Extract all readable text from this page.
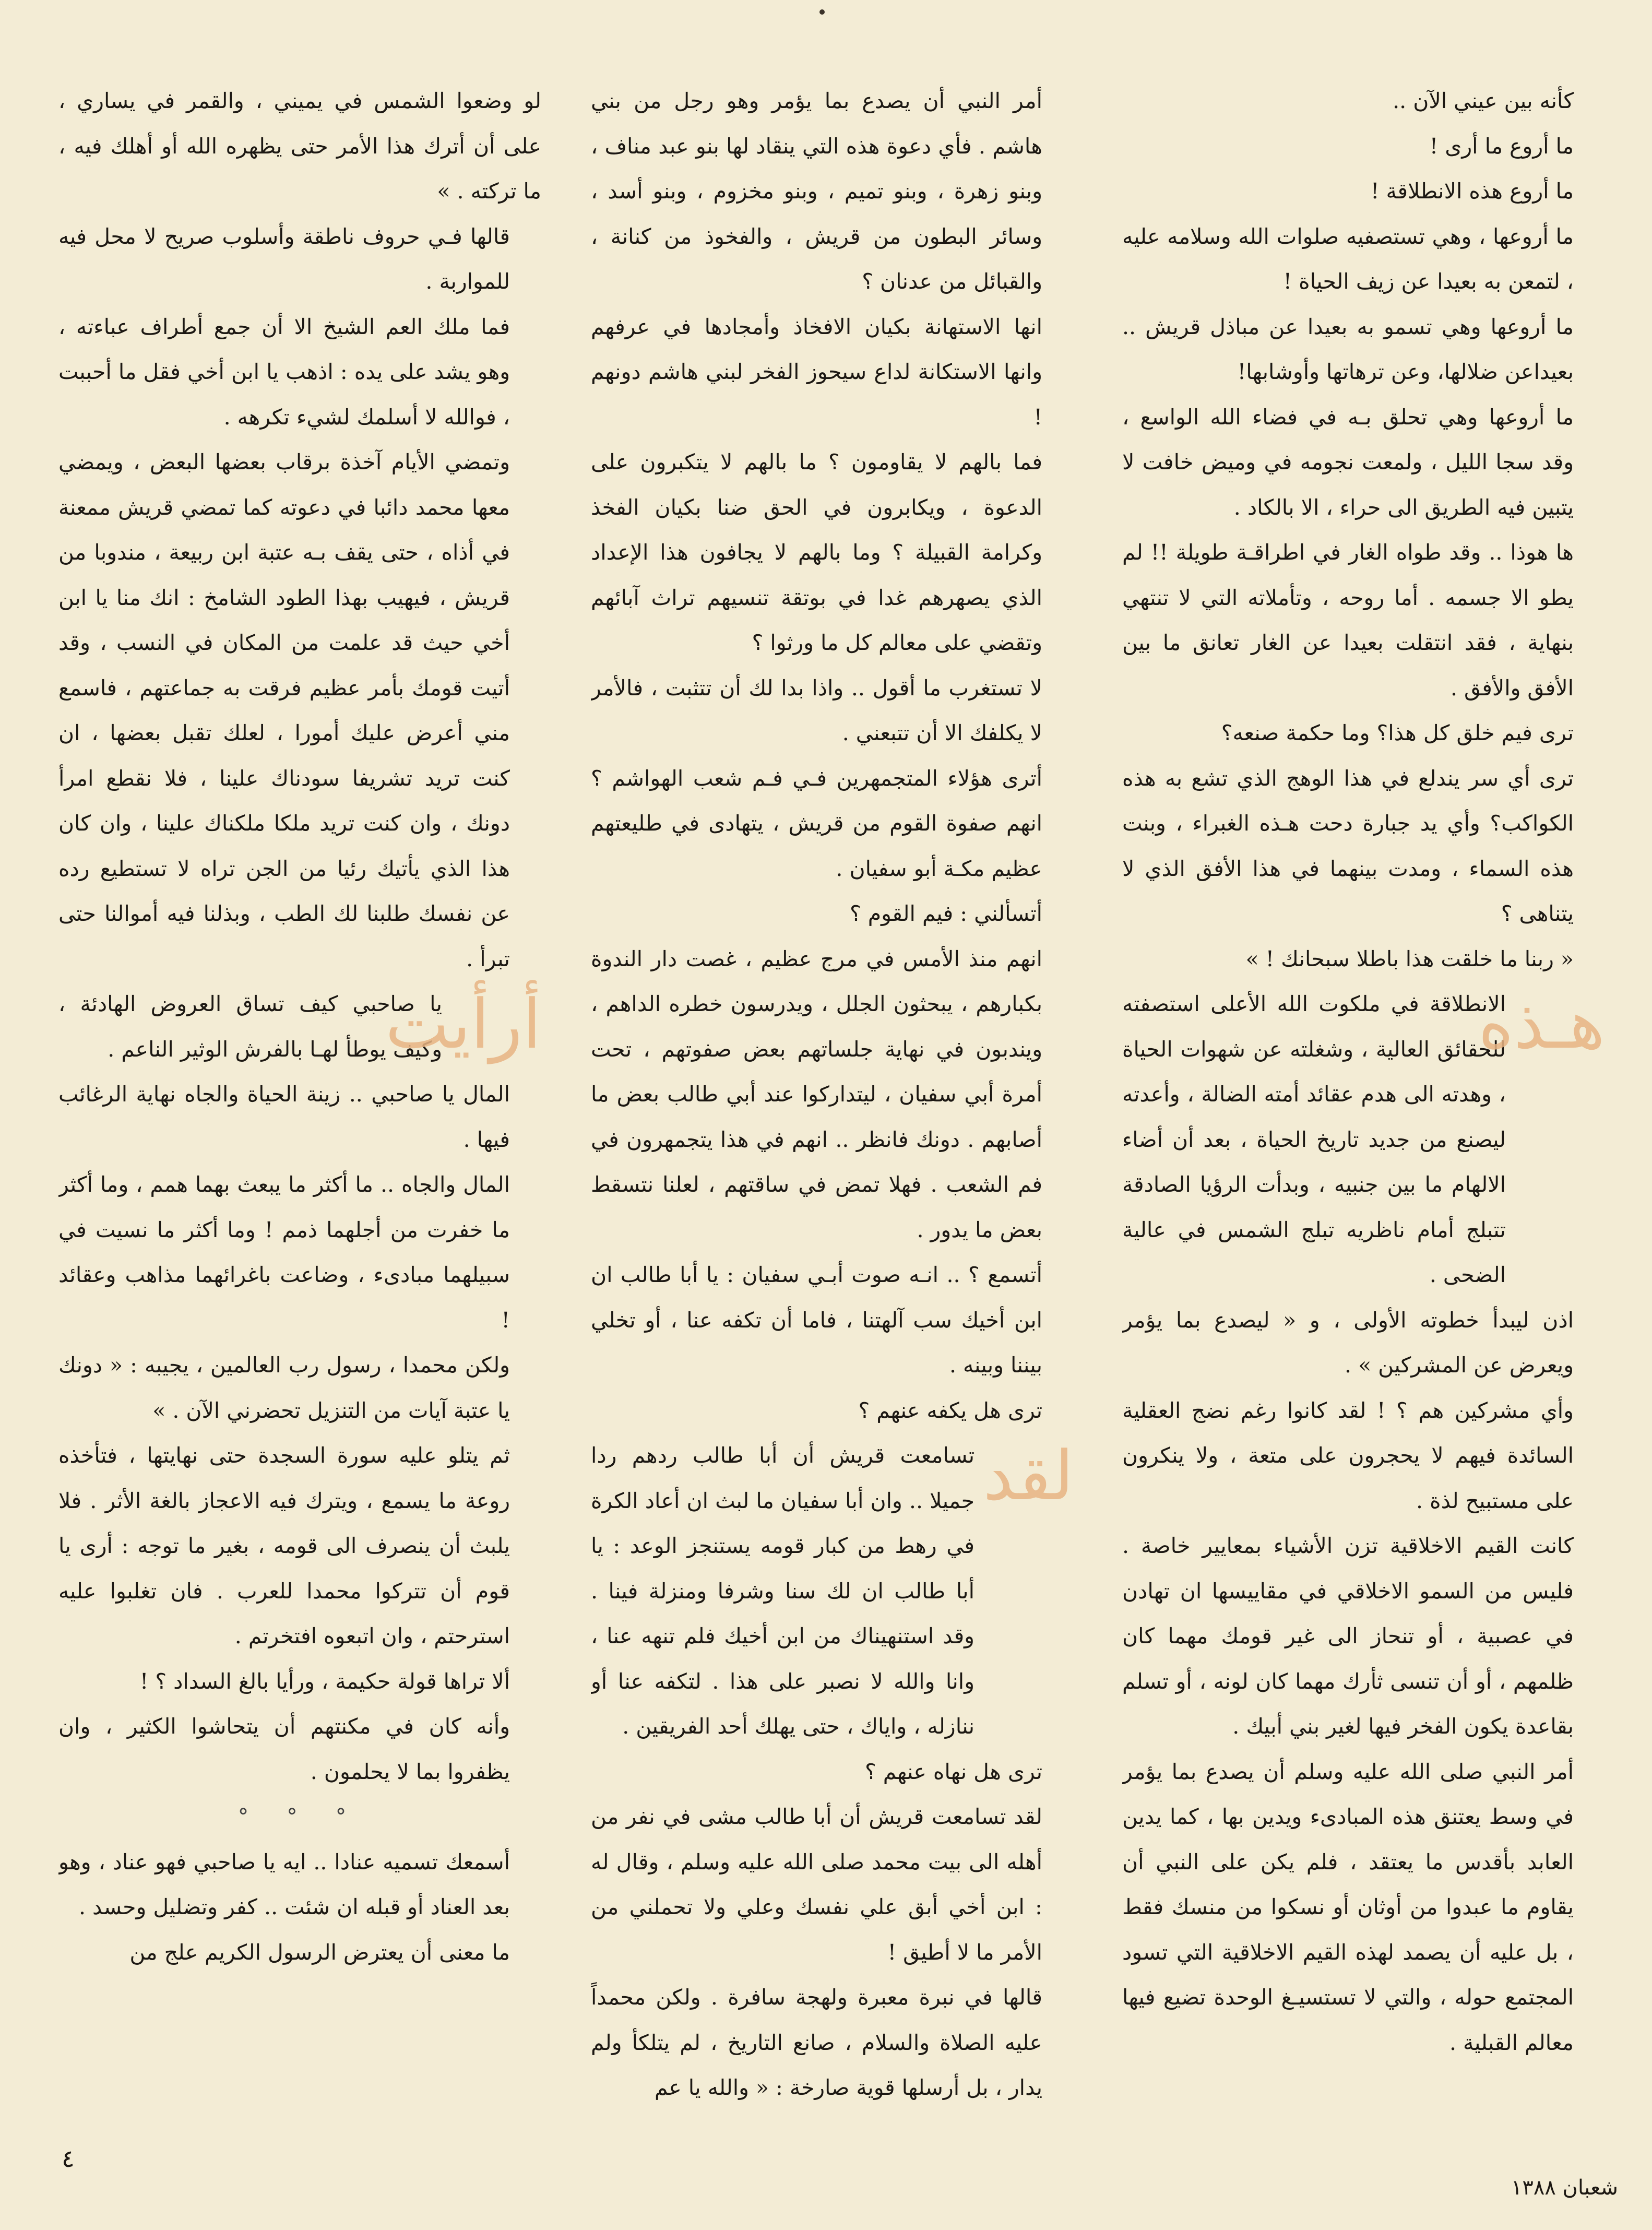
كأنه بين عيني الآن ..

ما أروع ما أرى !

ما أروع هذه الانطلاقة !

ما أروعها ، وهي تستصفيه صلوات الله وسلامه عليه ، لتمعن به بعيدا عن زيف الحياة !

ما أروعها وهي تسمو به بعيدا عن مباذل قريش .. بعيداعن ضلالها، وعن ترهاتها وأوشابها!

ما أروعها وهي تحلق بـه في فضاء الله الواسع ، وقد سجا الليل ، ولمعت نجومه في وميض خافت لا يتبين فيه الطريق الى حراء ، الا بالكاد .

ها هوذا .. وقد طواه الغار في اطراقـة طويلة !! لم يطو الا جسمه . أما روحه ، وتأملاته التي لا تنتهي بنهاية ، فقد انتقلت بعيدا عن الغار تعانق ما بين الأفق والأفق .

ترى فيم خلق كل هذا؟ وما حكمة صنعه؟

ترى أي سر يندلع في هذا الوهج الذي تشع به هذه الكواكب؟ وأي يد جبارة دحت هـذه الغبراء ، وبنت هذه السماء ، ومدت بينهما في هذا الأفق الذي لا يتناهى ؟

« ربنا ما خلقت هذا باطلا سبحانك ! »

هـذه

الانطلاقة في ملكوت الله الأعلى استصفته للحقائق العالية ، وشغلته عن شهوات الحياة ، وهدته الى هدم عقائد أمته الضالة ، وأعدته ليصنع من جديد تاريخ الحياة ، بعد أن أضاء الالهام ما بين جنبيه ، وبدأت الرؤيا الصادقة تتبلج أمام ناظريه تبلج الشمس في عالية الضحى .

اذن ليبدأ خطوته الأولى ، و « ليصدع بما يؤمر ويعرض عن المشركين » .

وأي مشركين هم ؟ ! لقد كانوا رغم نضج العقلية السائدة فيهم لا يحجرون على متعة ، ولا ينكرون على مستبيح لذة .

كانت القيم الاخلاقية تزن الأشياء بمعايير خاصة . فليس من السمو الاخلاقي في مقاييسها ان تهادن في عصبية ، أو تنحاز الى غير قومك مهما كان ظلمهم ، أو أن تنسى ثأرك مهما كان لونه ، أو تسلم بقاعدة يكون الفخر فيها لغير بني أبيك .

أمر النبي صلى الله عليه وسلم أن يصدع بما يؤمر في وسط يعتنق هذه المبادىء ويدين بها ، كما يدين العابد بأقدس ما يعتقد ، فلم يكن على النبي أن يقاوم ما عبدوا من أوثان أو نسكوا من منسك فقط ، بل عليه أن يصمد لهذه القيم الاخلاقية التي تسود المجتمع حوله ، والتي لا تستسيـغ الوحدة تضيع فيها معالم القبلية .

أمر النبي أن يصدع بما يؤمر وهو رجل من بني هاشم . فأي دعوة هذه التي ينقاد لها بنو عبد مناف ، وبنو زهرة ، وبنو تميم ، وبنو مخزوم ، وبنو أسد ، وسائر البطون من قريش ، والفخوذ من كنانة ، والقبائل من عدنان ؟

انها الاستهانة بكيان الافخاذ وأمجادها في عرفهم وانها الاستكانة لداع سيحوز الفخر لبني هاشم دونهم !

فما بالهم لا يقاومون ؟ ما بالهم لا يتكبرون على الدعوة ، ويكابرون في الحق ضنا بكيان الفخذ وكرامة القبيلة ؟ وما بالهم لا يجافون هذا الإعداد الذي يصهرهم غدا في بوتقة تنسيهم تراث آبائهم وتقضي على معالم كل ما ورثوا ؟

لا تستغرب ما أقول .. واذا بدا لك أن تتثبت ، فالأمر لا يكلفك الا أن تتبعني .

أترى هؤلاء المتجمهرين فـي فـم شعب الهواشم ؟ انهم صفوة القوم من قريش ، يتهادى في طليعتهم عظيم مكـة أبو سفيان .

أتسألني : فيم القوم ؟

انهم منذ الأمس في مرج عظيم ، غصت دار الندوة بكبارهم ، يبحثون الجلل ، ويدرسون خطره الداهم ، ويندبون في نهاية جلساتهم بعض صفوتهم ، تحت أمرة أبي سفيان ، ليتداركوا عند أبي طالب بعض ما أصابهم . دونك فانظر .. انهم في هذا يتجمهرون في فم الشعب . فهلا تمض في ساقتهم ، لعلنا نتسقط بعض ما يدور .

أتسمع ؟ .. انـه صوت أبـي سفيان : يا أبا طالب ان ابن أخيك سب آلهتنا ، فاما أن تكفه عنا ، أو تخلي بيننا وبينه .

ترى هل يكفه عنهم ؟

لقد

تسامعت قريش أن أبا طالب ردهم ردا جميلا .. وان أبا سفيان ما لبث ان أعاد الكرة في رهط من كبار قومه يستنجز الوعد : يا أبا طالب ان لك سنا وشرفا ومنزلة فينا . وقد استنهيناك من ابن أخيك فلم تنهه عنا ، وانا والله لا نصبر على هذا . لتكفه عنا أو ننازله ، واياك ، حتى يهلك أحد الفريقين .

ترى هل نهاه عنهم ؟

لقد تسامعت قريش أن أبا طالب مشى في نفر من أهله الى بيت محمد صلى الله عليه وسلم ، وقال له : ابن أخي أبق علي نفسك وعلي ولا تحملني من الأمر ما لا أطيق !

قالها في نبرة معبرة ولهجة سافرة . ولكن محمداً عليه الصلاة والسلام ، صانع التاريخ ، لم يتلكأ ولم يدار ، بل أرسلها قوية صارخة : « والله يا عم

لو وضعوا الشمس في يميني ، والقمر في يساري ، على أن أترك هذا الأمر حتى يظهره الله أو أهلك فيه ، ما تركته . »

قالها فـي حروف ناطقة وأسلوب صريح لا محل فيه للمواربة .

فما ملك العم الشيخ الا أن جمع أطراف عباءته ، وهو يشد على يده : اذهب يا ابن أخي فقل ما أحببت ، فوالله لا أسلمك لشيء تكرهه .

وتمضي الأيام آخذة برقاب بعضها البعض ، ويمضي معها محمد دائبا في دعوته كما تمضي قريش ممعنة في أذاه ، حتى يقف بـه عتبة ابن ربيعة ، مندوبا من قريش ، فيهيب بهذا الطود الشامخ : انك منا يا ابن أخي حيث قد علمت من المكان في النسب ، وقد أتيت قومك بأمر عظيم فرقت به جماعتهم ، فاسمع مني أعرض عليك أمورا ، لعلك تقبل بعضها ، ان كنت تريد تشريفا سودناك علينا ، فلا نقطع امرأ دونك ، وان كنت تريد ملكا ملكناك علينا ، وان كان هذا الذي يأتيك رئيا من الجن تراه لا تستطيع رده عن نفسك طلبنا لك الطب ، وبذلنا فيه أموالنا حتى تبرأ .

أرأيت

يا صاحبي كيف تساق العروض الهادئة ، وكيف يوطأ لهـا بالفرش الوثير الناعم .

المال يا صاحبي .. زينة الحياة والجاه نهاية الرغائب فيها .

المال والجاه .. ما أكثر ما يبعث بهما همم ، وما أكثر ما خفرت من أجلهما ذمم ! وما أكثر ما نسيت في سبيلهما مبادىء ، وضاعت باغرائهما مذاهب وعقائد !

ولكن محمدا ، رسول رب العالمين ، يجيبه : « دونك يا عتبة آيات من التنزيل تحضرني الآن . »

ثم يتلو عليه سورة السجدة حتى نهايتها ، فتأخذه روعة ما يسمع ، ويترك فيه الاعجاز بالغة الأثر . فلا يلبث أن ينصرف الى قومه ، بغير ما توجه : أرى يا قوم أن تتركوا محمدا للعرب . فان تغلبوا عليه استرحتم ، وان اتبعوه افتخرتم .

ألا تراها قولة حكيمة ، ورأيا بالغ السداد ؟ !

وأنه كان في مكنتهم أن يتحاشوا الكثير ، وان يظفروا بما لا يحلمون .

° ° °

أسمعك تسميه عنادا .. ايه يا صاحبي فهو عناد ، وهو بعد العناد أو قبله ان شئت .. كفر وتضليل وحسد .

ما معنى أن يعترض الرسول الكريم علج من

٤
شعبان ١٣٨٨
